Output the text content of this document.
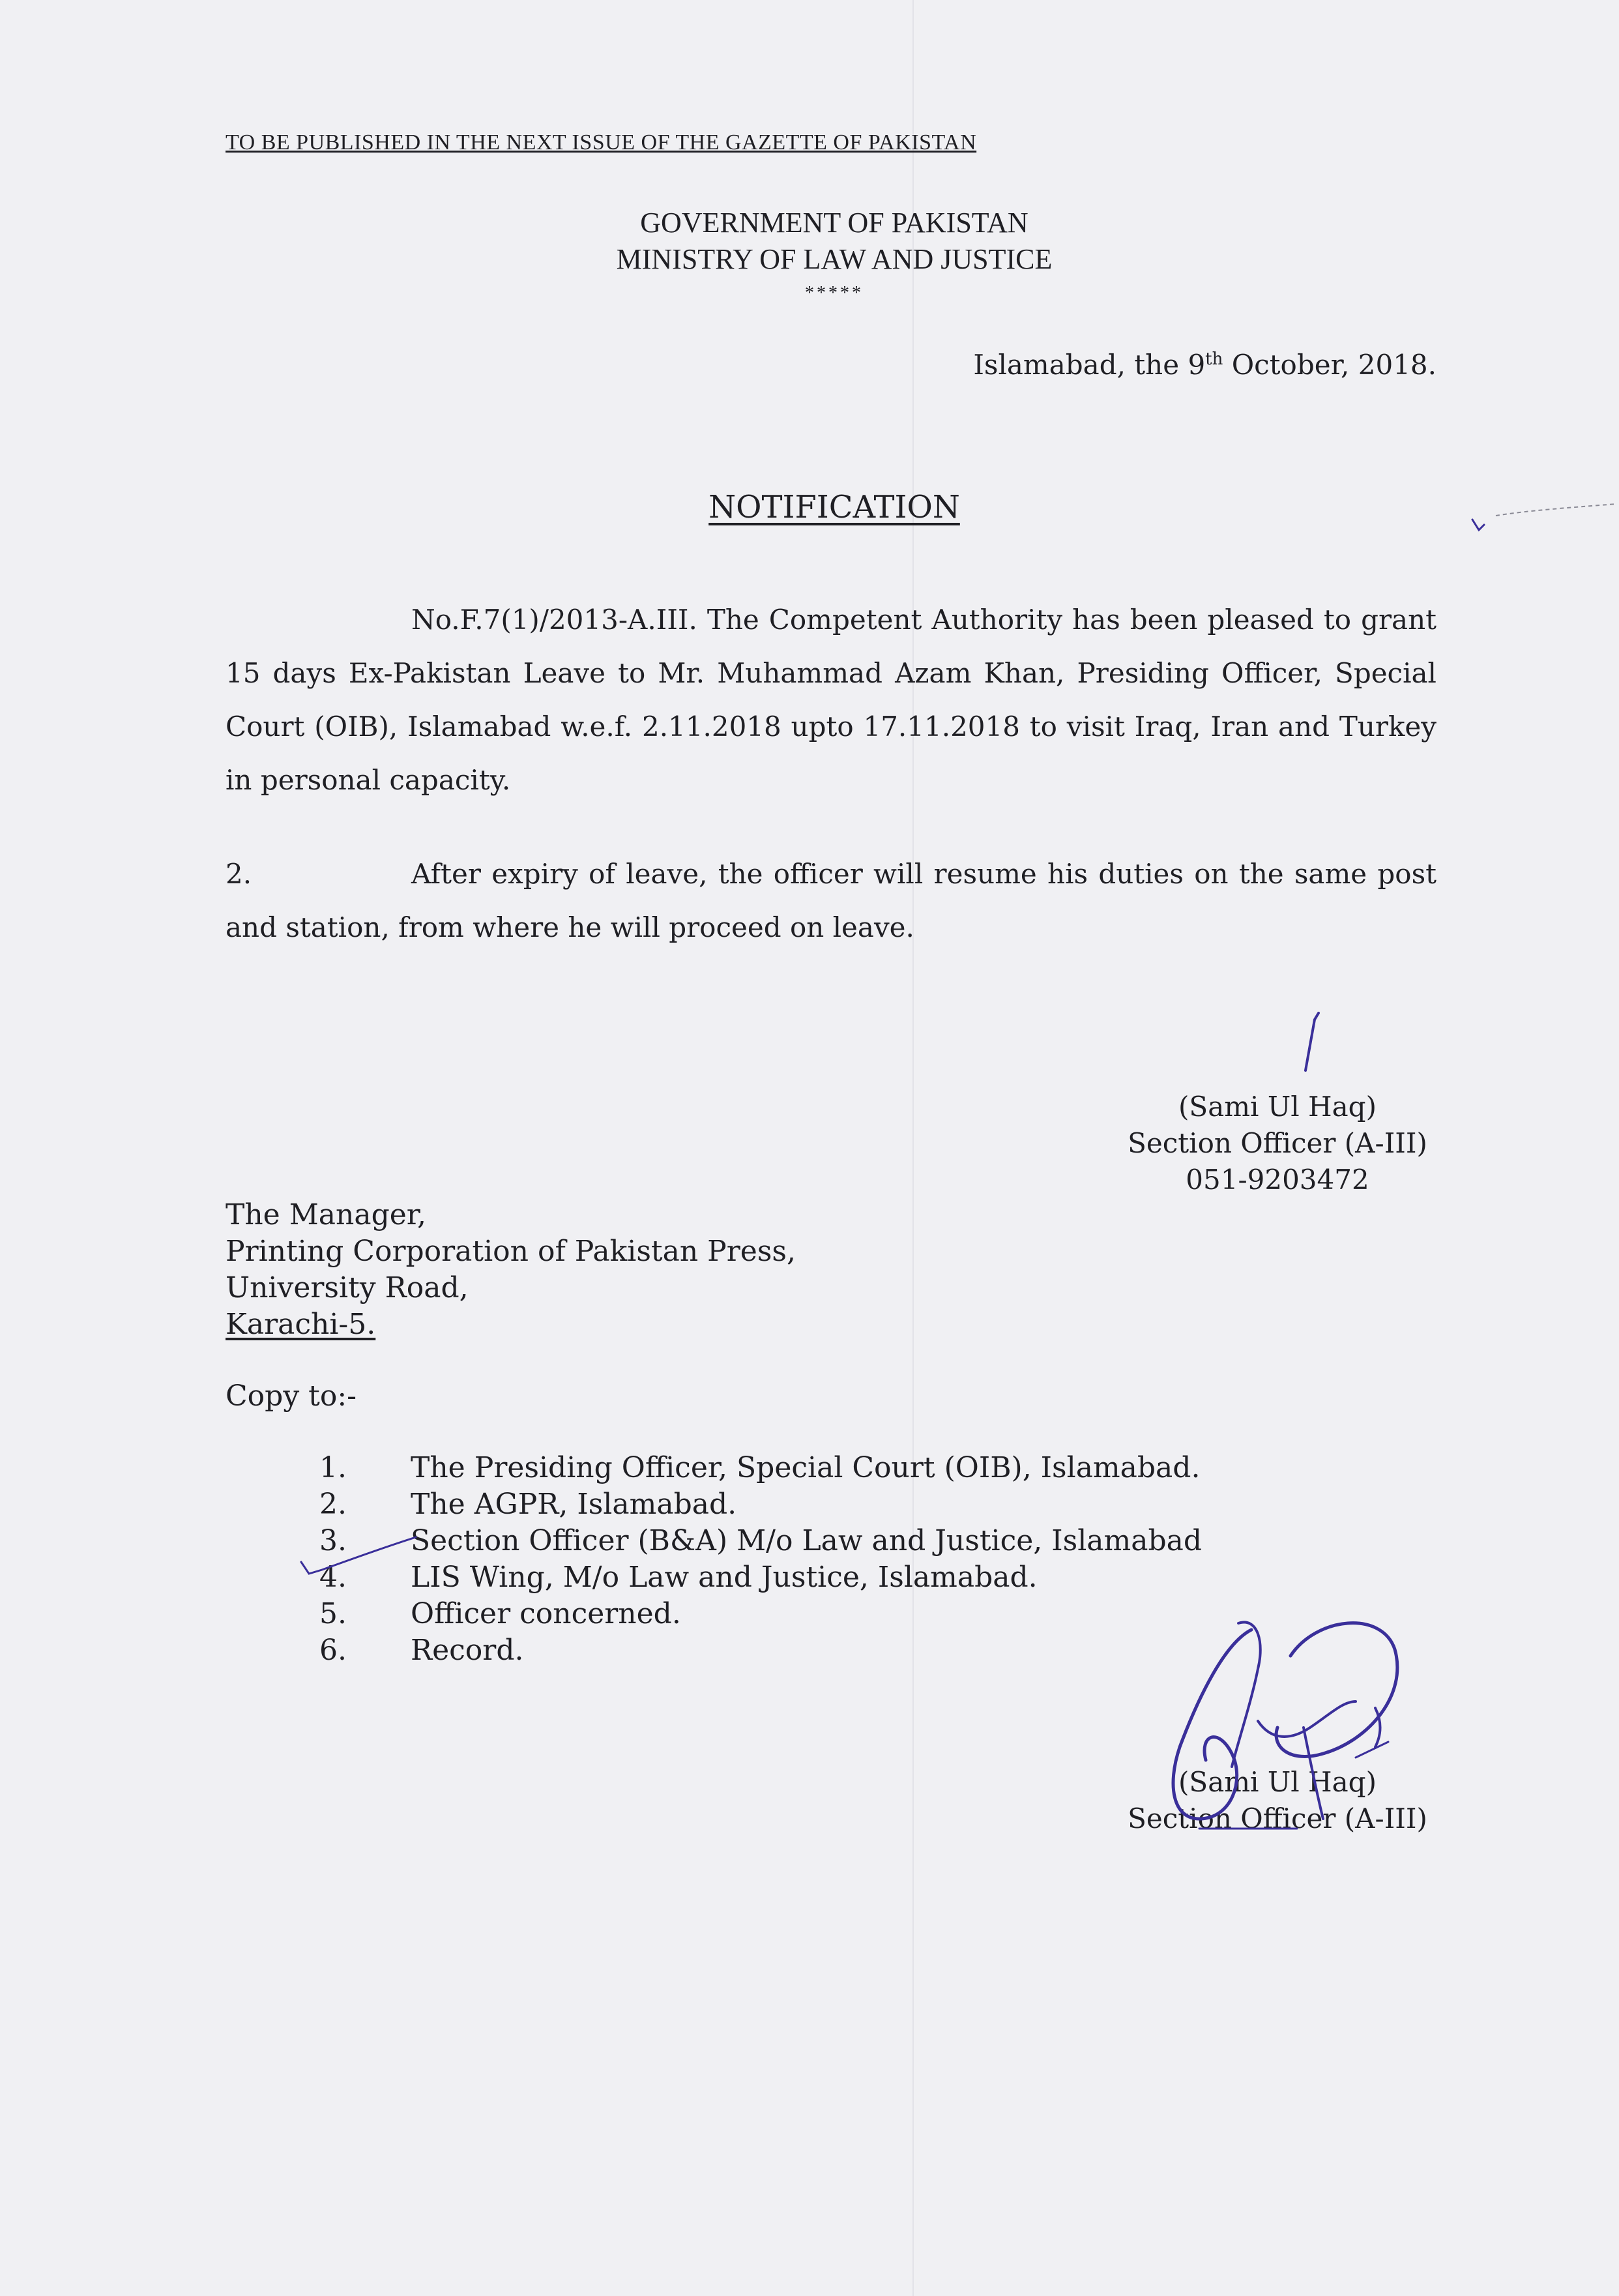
TO BE PUBLISHED IN THE NEXT ISSUE OF THE GAZETTE OF PAKISTAN
GOVERNMENT OF PAKISTAN
MINISTRY OF LAW AND JUSTICE
*****
Islamabad, the 9th October, 2018.
NOTIFICATION
No.F.7(1)/2013-A.III. The Competent Authority has been pleased to grant 15 days Ex-Pakistan Leave to Mr. Muhammad Azam Khan, Presiding Officer, Special Court (OIB), Islamabad w.e.f. 2.11.2018 upto 17.11.2018 to visit Iraq, Iran and Turkey in personal capacity.
2.	After expiry of leave, the officer will resume his duties on the same post and station, from where he will proceed on leave.
(Sami Ul Haq)
Section Officer (A-III)
051-9203472
The Manager,
Printing Corporation of Pakistan Press,
University Road,
Karachi-5.
Copy to:-
1.	The Presiding Officer, Special Court (OIB), Islamabad.
2.	The AGPR, Islamabad.
3.	Section Officer (B&A) M/o Law and Justice, Islamabad
4.	LIS Wing, M/o Law and Justice, Islamabad.
5.	Officer concerned.
6.	Record.
(Sami Ul Haq)
Section Officer (A-III)
